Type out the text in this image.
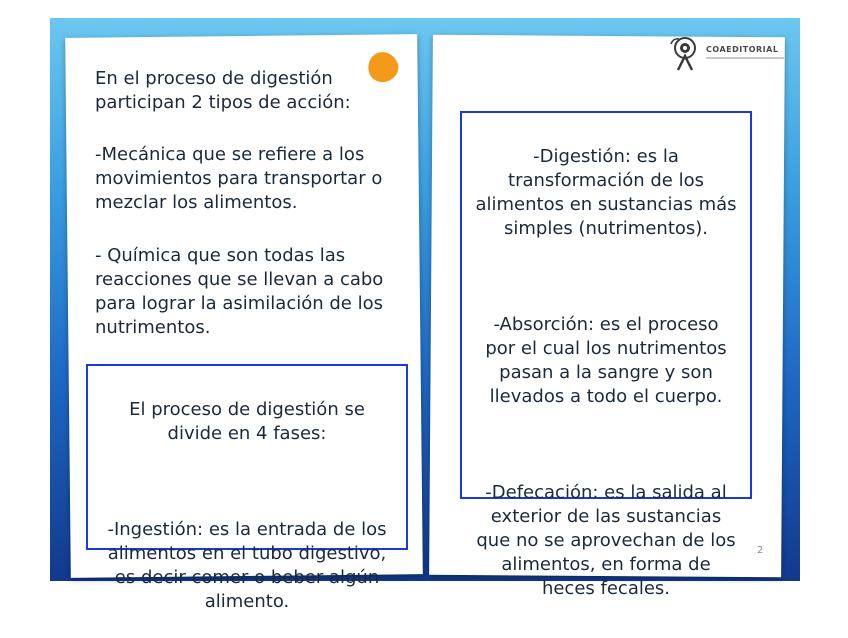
En el proceso de digestión
participan 2 tipos de acción:
-Mecánica que se refiere a los
movimientos para transportar o
mezclar los alimentos.
- Química que son todas las
reacciones que se llevan a cabo
para lograr la asimilación de los
nutrimentos.

El proceso de digestión se
divide en 4 fases:

-Ingestión: es la entrada de los
alimentos en el tubo digestivo,
es decir comer o beber algún
alimento.

COAEDITORIAL

-Digestión: es la
transformación de los
alimentos en sustancias más
simples (nutrimentos).

-Absorción: es el proceso
por el cual los nutrimentos
pasan a la sangre y son
llevados a todo el cuerpo.

-Defecación: es la salida al
exterior de las sustancias
que no se aprovechan de los
alimentos, en forma de
heces fecales.

2
